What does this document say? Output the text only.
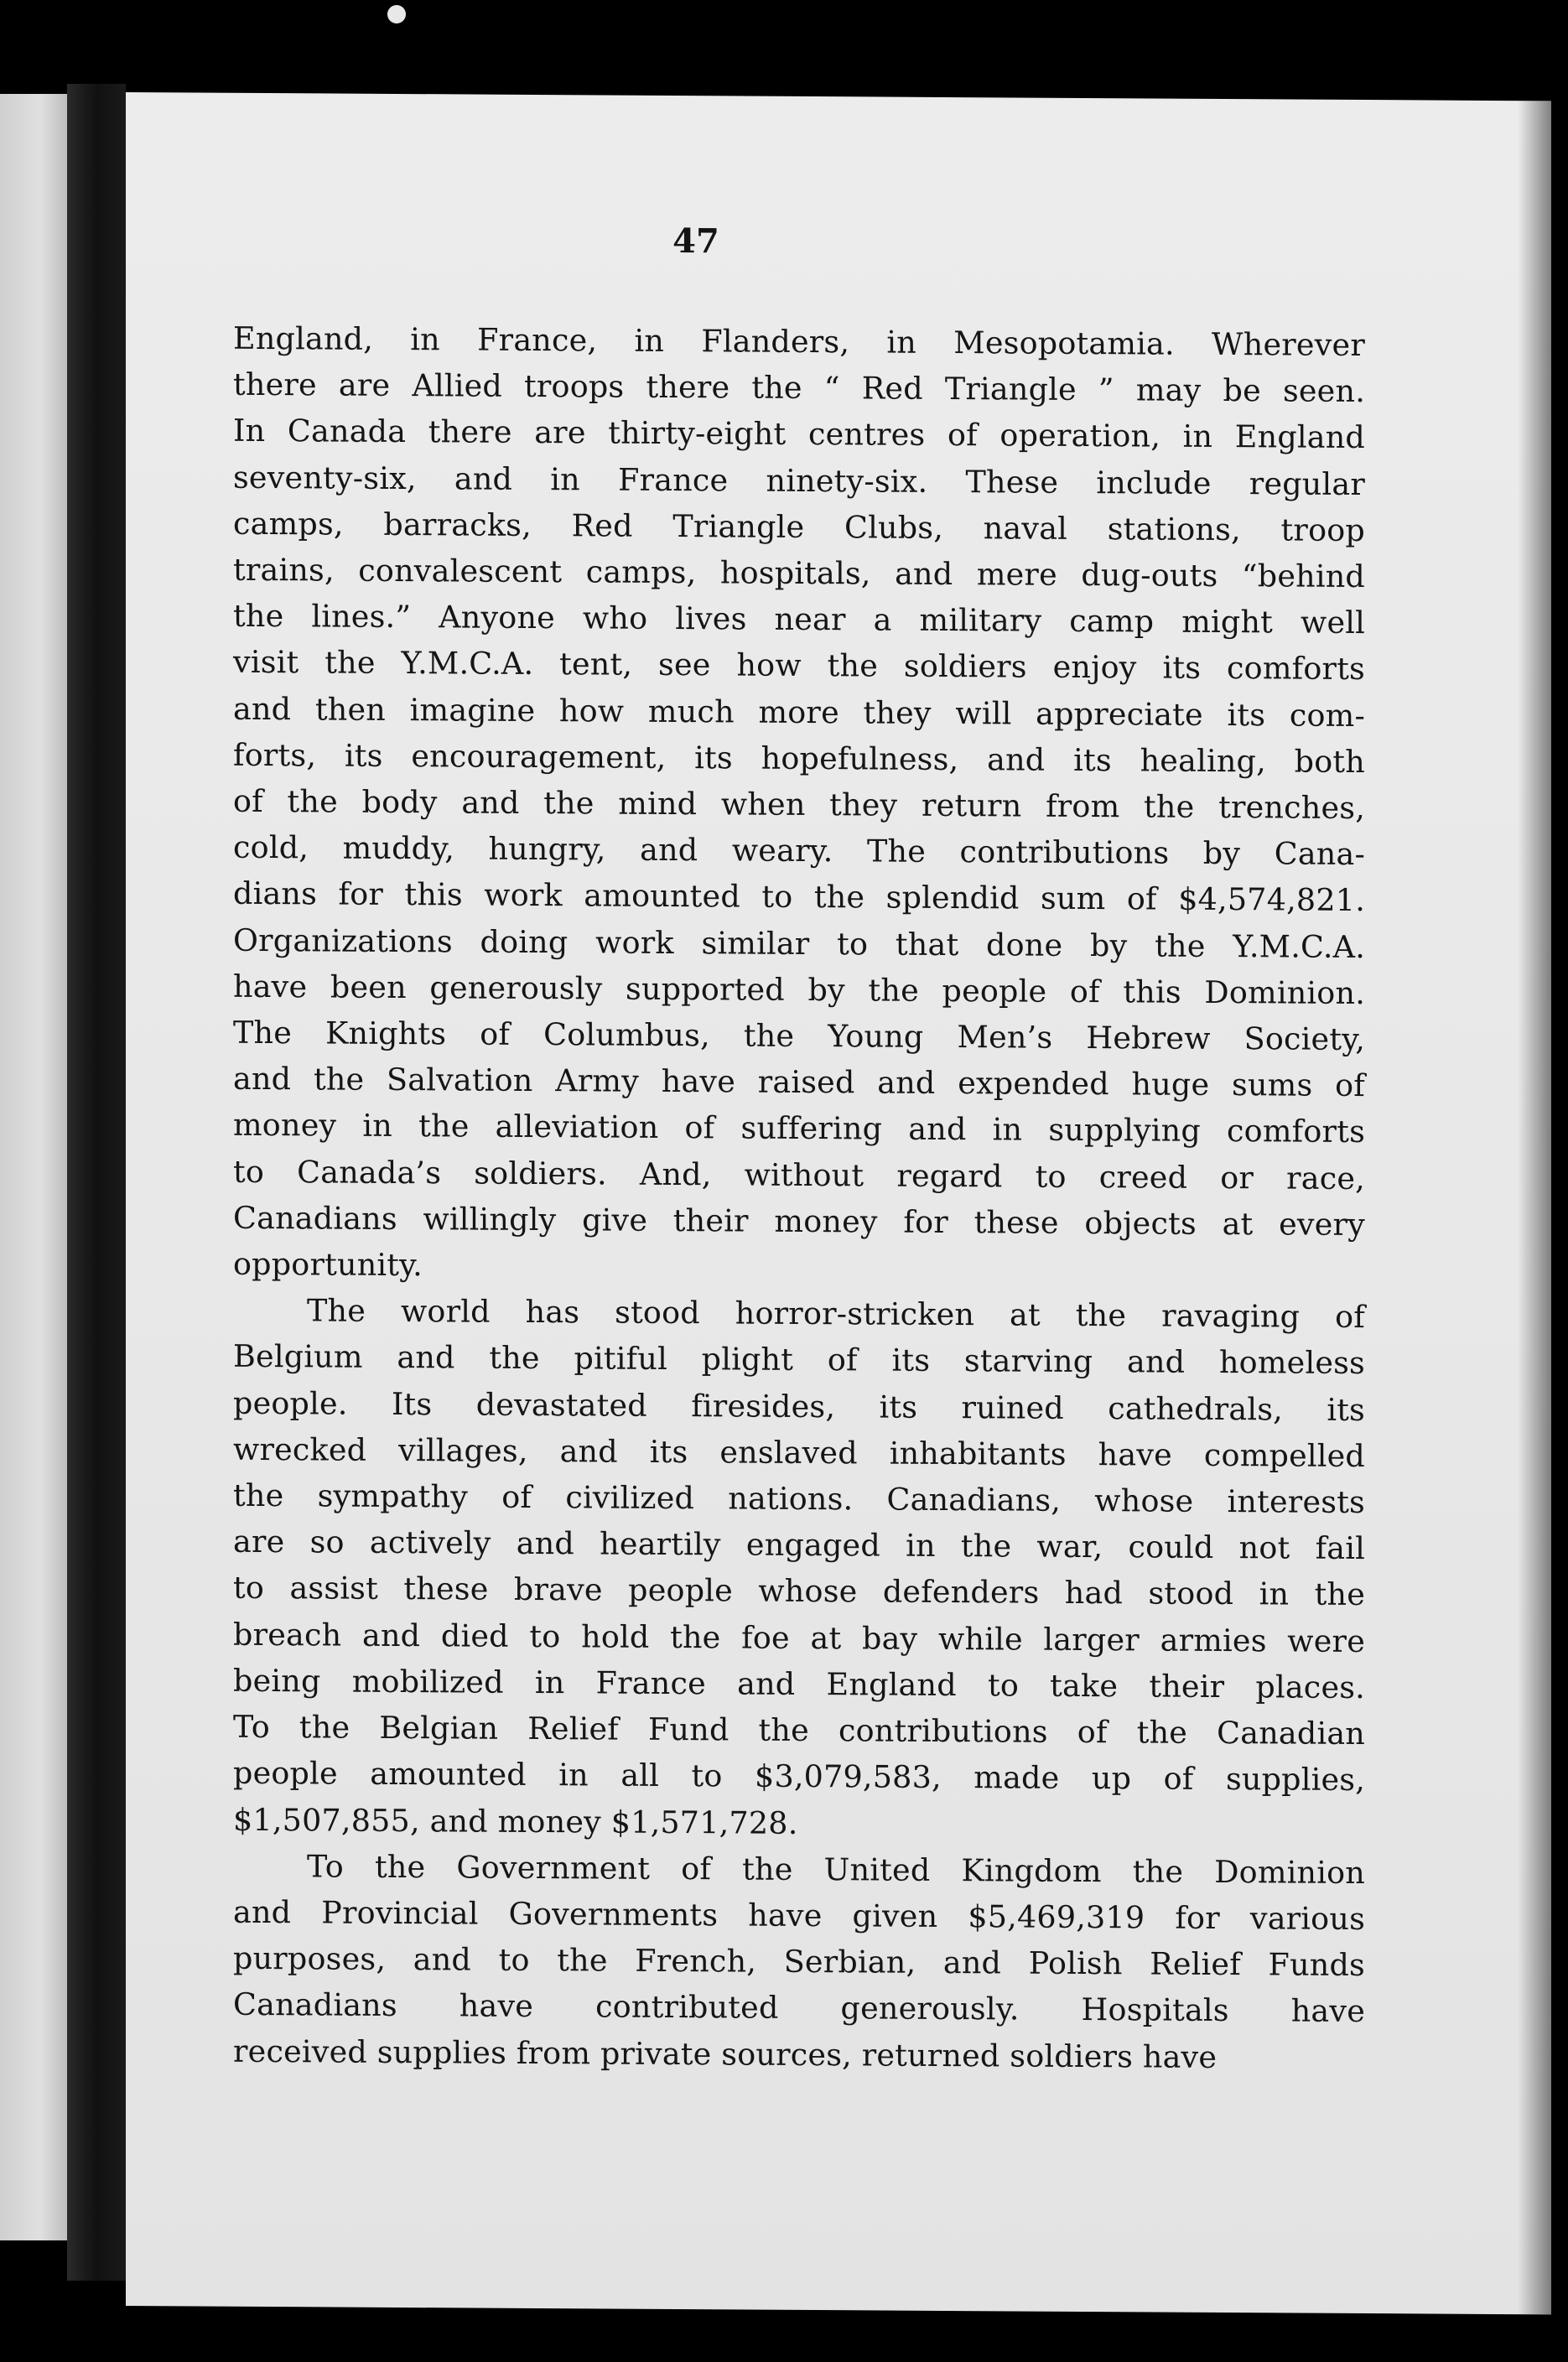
47
England, in France, in Flanders, in Mesopotamia. Wherever
there are Allied troops there the “ Red Triangle ” may be seen.
In Canada there are thirty-eight centres of operation, in England
seventy-six, and in France ninety-six. These include regular
camps, barracks, Red Triangle Clubs, naval stations, troop
trains, convalescent camps, hospitals, and mere dug-outs “behind
the lines.” Anyone who lives near a military camp might well
visit the Y.M.C.A. tent, see how the soldiers enjoy its comforts
and then imagine how much more they will appreciate its com-
forts, its encouragement, its hopefulness, and its healing, both
of the body and the mind when they return from the trenches,
cold, muddy, hungry, and weary. The contributions by Cana-
dians for this work amounted to the splendid sum of $4,574,821.
Organizations doing work similar to that done by the Y.M.C.A.
have been generously supported by the people of this Dominion.
The Knights of Columbus, the Young Men’s Hebrew Society,
and the Salvation Army have raised and expended huge sums of
money in the alleviation of suffering and in supplying comforts
to Canada’s soldiers. And, without regard to creed or race,
Canadians willingly give their money for these objects at every
opportunity.
The world has stood horror-stricken at the ravaging of
Belgium and the pitiful plight of its starving and homeless
people. Its devastated firesides, its ruined cathedrals, its
wrecked villages, and its enslaved inhabitants have compelled
the sympathy of civilized nations. Canadians, whose interests
are so actively and heartily engaged in the war, could not fail
to assist these brave people whose defenders had stood in the
breach and died to hold the foe at bay while larger armies were
being mobilized in France and England to take their places.
To the Belgian Relief Fund the contributions of the Canadian
people amounted in all to $3,079,583, made up of supplies,
$1,507,855, and money $1,571,728.
To the Government of the United Kingdom the Dominion
and Provincial Governments have given $5,469,319 for various
purposes, and to the French, Serbian, and Polish Relief Funds
Canadians have contributed generously. Hospitals have
received supplies from private sources, returned soldiers have
